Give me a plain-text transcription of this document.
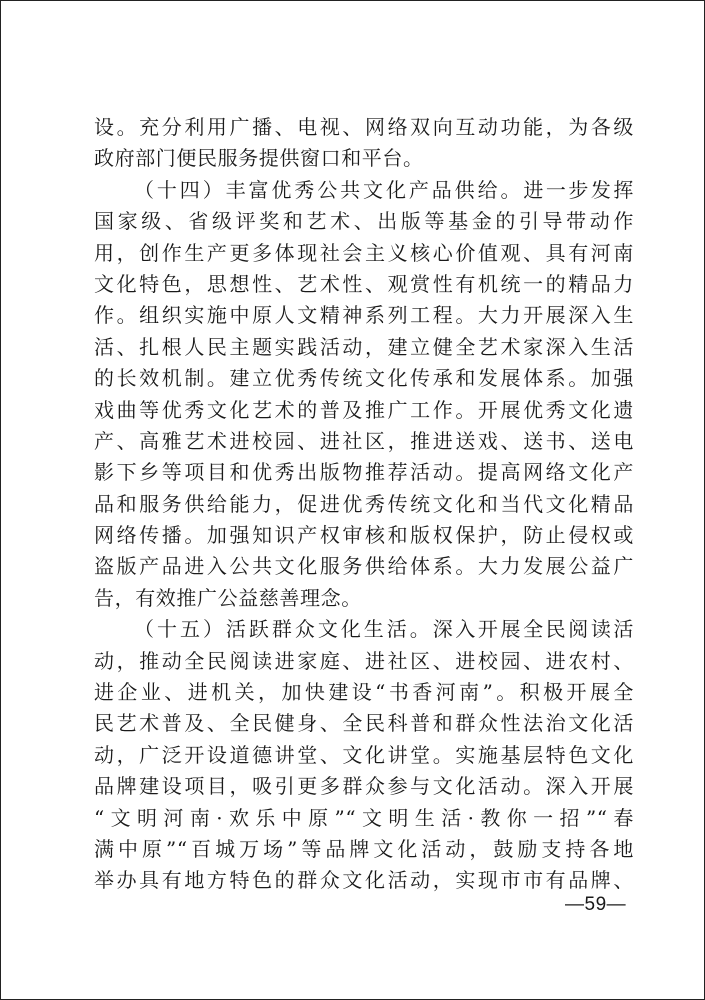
设。充分利用广播、电视、网络双向互动功能，为各级
政府部门便民服务提供窗口和平台。
（十四）丰富优秀公共文化产品供给。进一步发挥
国家级、省级评奖和艺术、出版等基金的引导带动作
用，创作生产更多体现社会主义核心价值观、具有河南
文化特色，思想性、艺术性、观赏性有机统一的精品力
作。组织实施中原人文精神系列工程。大力开展深入生
活、扎根人民主题实践活动，建立健全艺术家深入生活
的长效机制。建立优秀传统文化传承和发展体系。加强
戏曲等优秀文化艺术的普及推广工作。开展优秀文化遗
产、高雅艺术进校园、进社区，推进送戏、送书、送电
影下乡等项目和优秀出版物推荐活动。提高网络文化产
品和服务供给能力，促进优秀传统文化和当代文化精品
网络传播。加强知识产权审核和版权保护，防止侵权或
盗版产品进入公共文化服务供给体系。大力发展公益广
告，有效推广公益慈善理念。
（十五）活跃群众文化生活。深入开展全民阅读活
动，推动全民阅读进家庭、进社区、进校园、进农村、
进企业、进机关，加快建设“书香河南”。积极开展全
民艺术普及、全民健身、全民科普和群众性法治文化活
动，广泛开设道德讲堂、文化讲堂。实施基层特色文化
品牌建设项目，吸引更多群众参与文化活动。深入开展
“文明河南·欢乐中原”“文明生活·教你一招”“春
满中原”“百城万场”等品牌文化活动，鼓励支持各地
举办具有地方特色的群众文化活动，实现市市有品牌、
—59—
